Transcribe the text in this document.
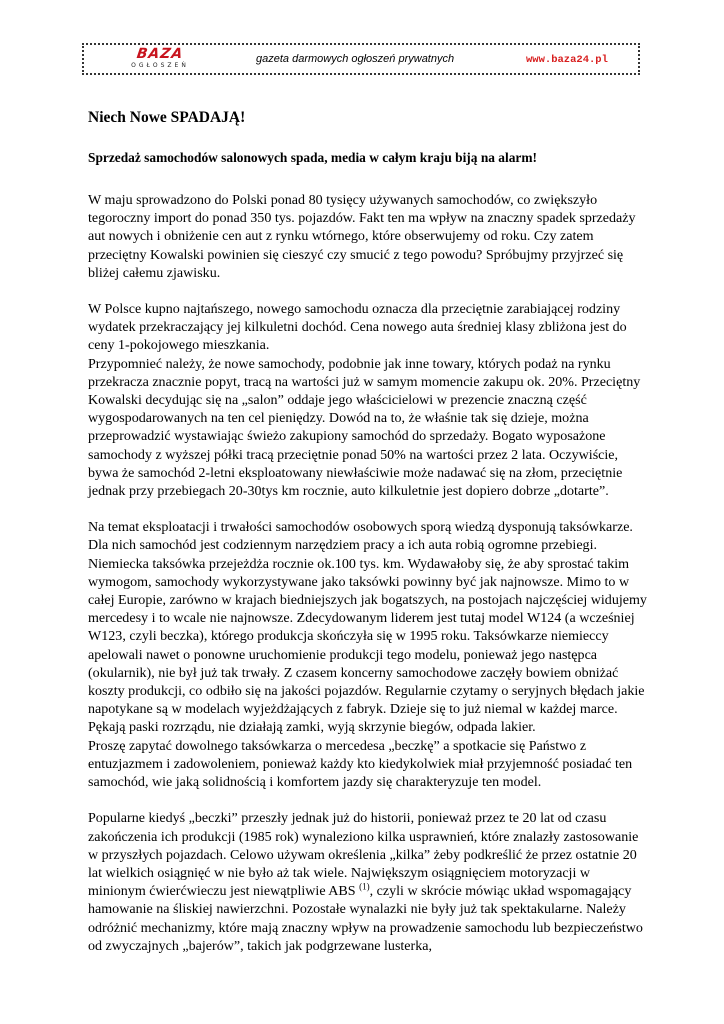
BAZA
OGŁOSZEŃ
gazeta darmowych ogłoszeń prywatnych	www.baza24.pl
Niech Nowe SPADAJĄ!
Sprzedaż samochodów salonowych spada, media w całym kraju biją na alarm!

W maju sprowadzono do Polski ponad 80 tysięcy używanych samochodów, co zwiększyło tegoroczny import do ponad 350 tys. pojazdów. Fakt ten ma wpływ na znaczny spadek sprzedaży aut nowych i obniżenie cen aut z rynku wtórnego, które obserwujemy od roku. Czy zatem przeciętny Kowalski powinien się cieszyć czy smucić z tego powodu? Spróbujmy przyjrzeć się bliżej całemu zjawisku.

W Polsce kupno najtańszego, nowego samochodu oznacza dla przeciętnie zarabiającej rodziny wydatek przekraczający jej kilkuletni dochód. Cena nowego auta średniej klasy zbliżona jest do ceny 1-pokojowego mieszkania.

Przypomnieć należy, że nowe samochody, podobnie jak inne towary, których podaż na rynku przekracza znacznie popyt, tracą na wartości już w samym momencie zakupu ok. 20%. Przeciętny Kowalski decydując się na „salon” oddaje jego właścicielowi w prezencie znaczną część wygospodarowanych na ten cel pieniędzy. Dowód na to, że właśnie tak się dzieje, można przeprowadzić wystawiając świeżo zakupiony samochód do sprzedaży. Bogato wyposażone samochody z wyższej półki tracą przeciętnie ponad 50% na wartości przez 2 lata. Oczywiście, bywa że samochód 2-letni eksploatowany niewłaściwie może nadawać się na złom, przeciętnie jednak przy przebiegach 20-30tys km rocznie, auto kilkuletnie jest dopiero dobrze „dotarte”.

Na temat eksploatacji i trwałości samochodów osobowych sporą wiedzą dysponują taksówkarze. Dla nich samochód jest codziennym narzędziem pracy a ich auta robią ogromne przebiegi. Niemiecka taksówka przejeżdża rocznie ok.100 tys. km. Wydawałoby się, że aby sprostać takim wymogom, samochody wykorzystywane jako taksówki powinny być jak najnowsze. Mimo to w całej Europie, zarówno w krajach biedniejszych jak bogatszych, na postojach najczęściej widujemy mercedesy i to wcale nie najnowsze. Zdecydowanym liderem jest tutaj model W124 (a wcześniej W123, czyli beczka), którego produkcja skończyła się w 1995 roku. Taksówkarze niemieccy apelowali nawet o ponowne uruchomienie produkcji tego modelu, ponieważ jego następca (okularnik), nie był już tak trwały. Z czasem koncerny samochodowe zaczęły bowiem obniżać koszty produkcji, co odbiło się na jakości pojazdów. Regularnie czytamy o seryjnych błędach jakie napotykane są w modelach wyjeżdżających z fabryk. Dzieje się to już niemal w każdej marce. Pękają paski rozrządu, nie działają zamki, wyją skrzynie biegów, odpada lakier.

Proszę zapytać dowolnego taksówkarza o mercedesa „beczkę” a spotkacie się Państwo z entuzjazmem i zadowoleniem, ponieważ każdy kto kiedykolwiek miał przyjemność posiadać ten samochód, wie jaką solidnością i komfortem jazdy się charakteryzuje ten model.

Popularne kiedyś „beczki” przeszły jednak już do historii, ponieważ przez te 20 lat od czasu zakończenia ich produkcji (1985 rok) wynaleziono kilka usprawnień, które znalazły zastosowanie w przyszłych pojazdach. Celowo używam określenia „kilka” żeby podkreślić że przez ostatnie 20 lat wielkich osiągnięć w nie było aż tak wiele. Największym osiągnięciem motoryzacji w minionym ćwierćwieczu jest niewątpliwie ABS $^{(1)}$, czyli w skrócie mówiąc układ wspomagający hamowanie na śliskiej nawierzchni. Pozostałe wynalazki nie były już tak spektakularne. Należy odróżnić mechanizmy, które mają znaczny wpływ na prowadzenie samochodu lub bezpieczeństwo od zwyczajnych „bajerów”, takich jak podgrzewane lusterka,
